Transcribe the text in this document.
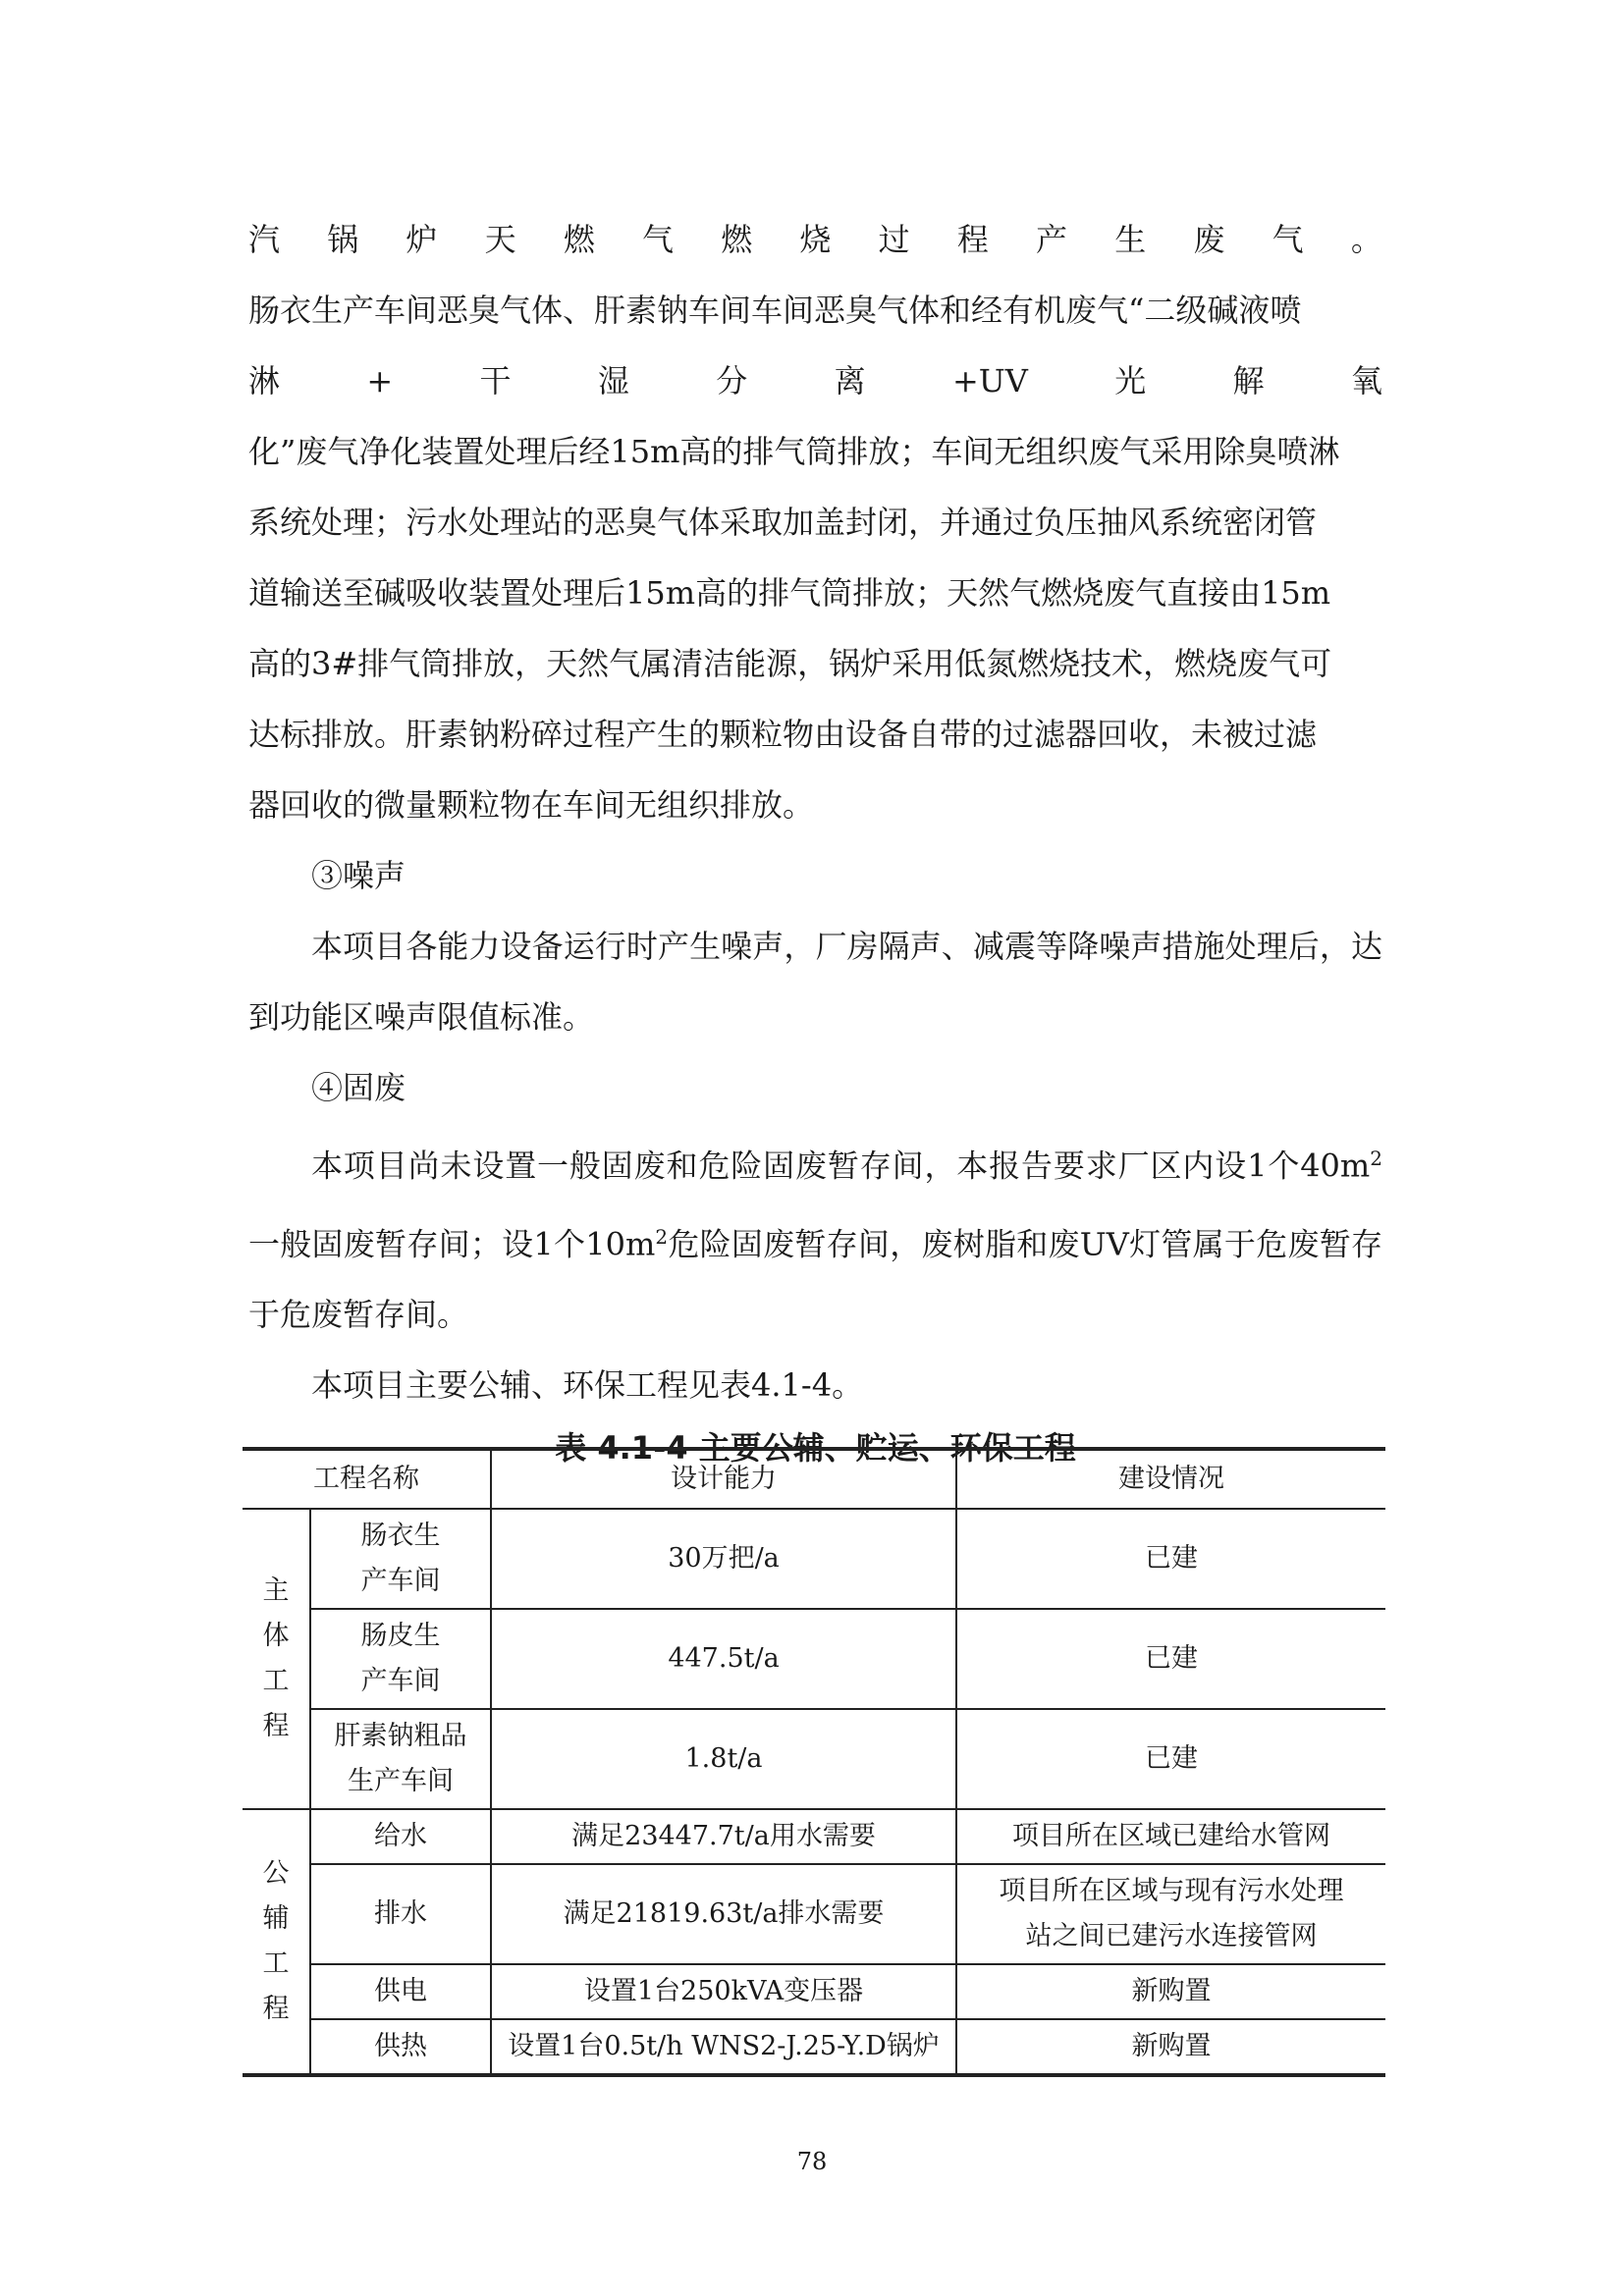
汽 锅 炉 天 燃 气 燃 烧 过 程 产 生 废 气 。
肠衣生产车间恶臭气体、肝素钠车间车间恶臭气体和经有机废气“二级碱液喷
淋	+	干	湿	分	离	+UV	光	解	氧
化”废气净化装置处理后经15m高的排气筒排放；车间无组织废气采用除臭喷淋
系统处理；污水处理站的恶臭气体采取加盖封闭，并通过负压抽风系统密闭管
道输送至碱吸收装置处理后15m高的排气筒排放；天然气燃烧废气直接由15m
高的3#排气筒排放，天然气属清洁能源，锅炉采用低氮燃烧技术，燃烧废气可
达标排放。肝素钠粉碎过程产生的颗粒物由设备自带的过滤器回收，未被过滤
器回收的微量颗粒物在车间无组织排放。

③噪声

本项目各能力设备运行时产生噪声，厂房隔声、减震等降噪声措施处理后，达到功能区噪声限值标准。

④固废

本项目尚未设置一般固废和危险固废暂存间，本报告要求厂区内设1个$40m^2$一般固废暂存间；设1个$10m^2$危险固废暂存间，废树脂和废UV灯管属于危废暂存于危废暂存间。

本项目主要公辅、环保工程见表4.1-4。

表 4.1-4 主要公辅、贮运、环保工程
工程名称		设计能力	建设情况
主
体
工
程	肠衣生
产车间	30万把/a	已建
	肠皮生
产车间	447.5t/a	已建
	肝素钠粗品
生产车间	1.8t/a	已建
公
辅
工
程	给水	满足23447.7t/a用水需要	项目所在区域已建给水管网
	排水	满足21819.63t/a排水需要	项目所在区域与现有污水处理
站之间已建污水连接管网
	供电	设置1台250kVA变压器	新购置
	供热	设置1台0.5t/h WNS2-J.25-Y.D锅炉	新购置
78
